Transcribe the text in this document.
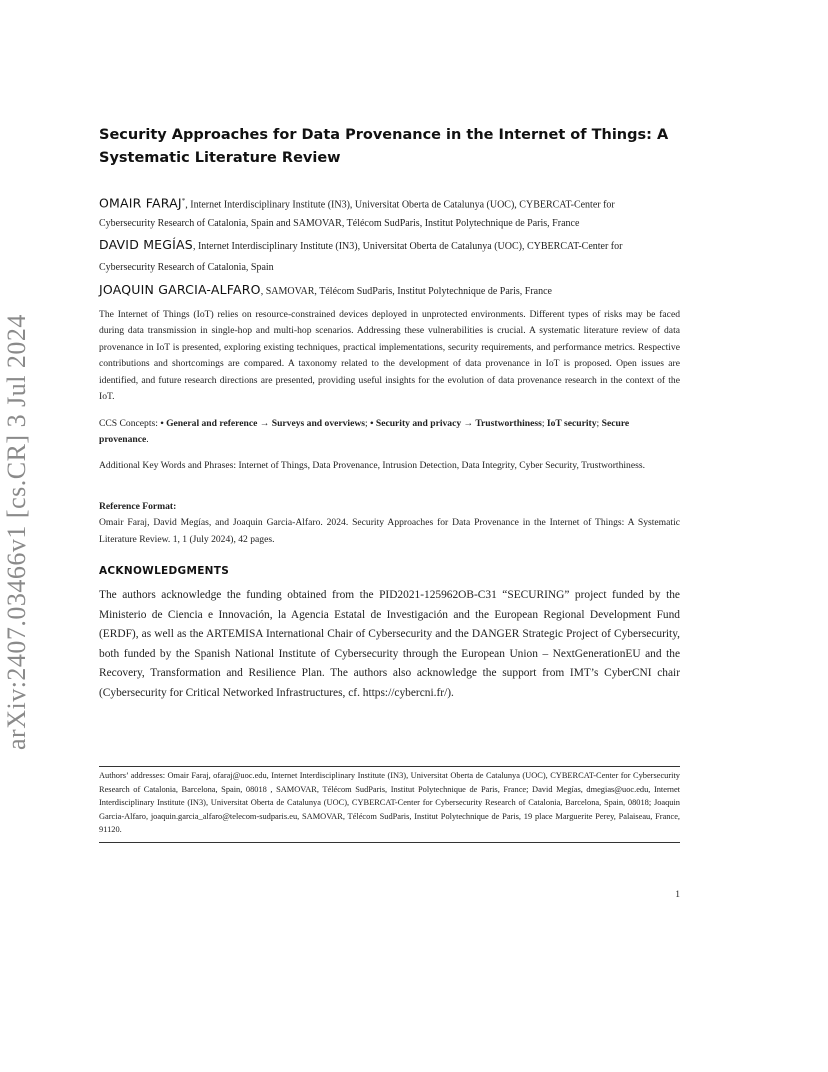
arXiv:2407.03466v1 [cs.CR] 3 Jul 2024
Security Approaches for Data Provenance in the Internet of Things: A Systematic Literature Review
OMAIR FARAJ*, Internet Interdisciplinary Institute (IN3), Universitat Oberta de Catalunya (UOC), CYBERCAT-Center for
Cybersecurity Research of Catalonia, Spain and SAMOVAR, Télécom SudParis, Institut Polytechnique de Paris, France
DAVID MEGÍAS, Internet Interdisciplinary Institute (IN3), Universitat Oberta de Catalunya (UOC), CYBERCAT-Center for
Cybersecurity Research of Catalonia, Spain
JOAQUIN GARCIA-ALFARO, SAMOVAR, Télécom SudParis, Institut Polytechnique de Paris, France
The Internet of Things (IoT) relies on resource-constrained devices deployed in unprotected environments. Different types of risks may be faced during data transmission in single-hop and multi-hop scenarios. Addressing these vulnerabilities is crucial. A systematic literature review of data provenance in IoT is presented, exploring existing techniques, practical implementations, security requirements, and performance metrics. Respective contributions and shortcomings are compared. A taxonomy related to the development of data provenance in IoT is proposed. Open issues are identified, and future research directions are presented, providing useful insights for the evolution of data provenance research in the context of the IoT.
CCS Concepts: • General and reference → Surveys and overviews; • Security and privacy → Trustworthiness; IoT security; Secure provenance.
Additional Key Words and Phrases: Internet of Things, Data Provenance, Intrusion Detection, Data Integrity, Cyber Security, Trustworthiness.
Reference Format:
Omair Faraj, David Megías, and Joaquin Garcia-Alfaro. 2024. Security Approaches for Data Provenance in the Internet of Things: A Systematic Literature Review. 1, 1 (July 2024), 42 pages.
ACKNOWLEDGMENTS
The authors acknowledge the funding obtained from the PID2021-125962OB-C31 “SECURING” project funded by the Ministerio de Ciencia e Innovación, la Agencia Estatal de Investigación and the European Regional Development Fund (ERDF), as well as the ARTEMISA International Chair of Cybersecurity and the DANGER Strategic Project of Cybersecurity, both funded by the Spanish National Institute of Cybersecurity through the European Union – NextGenerationEU and the Recovery, Transformation and Resilience Plan. The authors also acknowledge the support from IMT’s CyberCNI chair (Cybersecurity for Critical Networked Infrastructures, cf. https://cybercni.fr/).
Authors’ addresses: Omair Faraj, ofaraj@uoc.edu, Internet Interdisciplinary Institute (IN3), Universitat Oberta de Catalunya (UOC), CYBERCAT-Center for Cybersecurity Research of Catalonia, Barcelona, Spain, 08018 , SAMOVAR, Télécom SudParis, Institut Polytechnique de Paris, France; David Megías, dmegias@uoc.edu, Internet Interdisciplinary Institute (IN3), Universitat Oberta de Catalunya (UOC), CYBERCAT-Center for Cybersecurity Research of Catalonia, Barcelona, Spain, 08018; Joaquin Garcia-Alfaro, joaquin.garcia_alfaro@telecom-sudparis.eu, SAMOVAR, Télécom SudParis, Institut Polytechnique de Paris, 19 place Marguerite Perey, Palaiseau, France, 91120.
1
